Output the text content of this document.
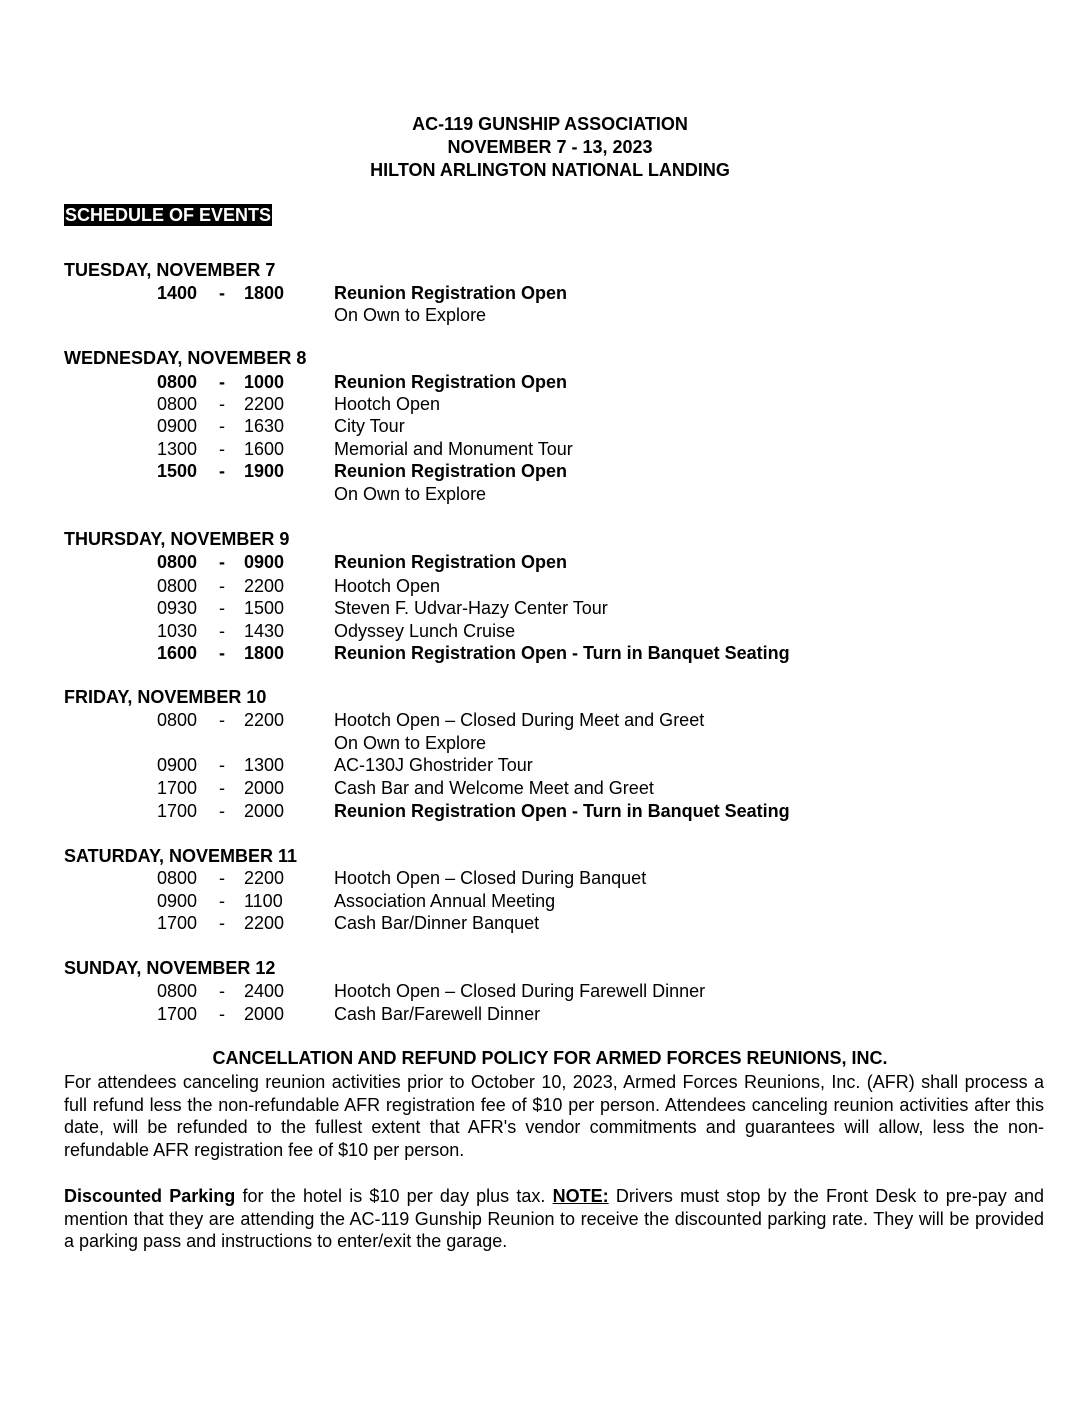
AC-119 GUNSHIP ASSOCIATION
NOVEMBER 7 - 13, 2023
HILTON ARLINGTON NATIONAL LANDING
SCHEDULE OF EVENTS
TUESDAY, NOVEMBER 7
1400 - 1800	Reunion Registration Open
On Own to Explore
WEDNESDAY, NOVEMBER 8
0800 - 1000	Reunion Registration Open
0800 - 2200	Hootch Open
0900 - 1630	City Tour
1300 - 1600	Memorial and Monument Tour
1500 - 1900	Reunion Registration Open
On Own to Explore
THURSDAY, NOVEMBER 9
0800 - 0900	Reunion Registration Open
0800 - 2200	Hootch Open
0930 - 1500	Steven F. Udvar-Hazy Center Tour
1030 - 1430	Odyssey Lunch Cruise
1600 - 1800	Reunion Registration Open - Turn in Banquet Seating
FRIDAY, NOVEMBER 10
0800 - 2200	Hootch Open – Closed During Meet and Greet
On Own to Explore
0900 - 1300	AC-130J Ghostrider Tour
1700 - 2000	Cash Bar and Welcome Meet and Greet
1700 - 2000	Reunion Registration Open - Turn in Banquet Seating
SATURDAY, NOVEMBER 11
0800 - 2200	Hootch Open – Closed During Banquet
0900 - 1100	Association Annual Meeting
1700 - 2200	Cash Bar/Dinner Banquet
SUNDAY, NOVEMBER 12
0800 - 2400	Hootch Open – Closed During Farewell Dinner
1700 - 2000	Cash Bar/Farewell Dinner
CANCELLATION AND REFUND POLICY FOR ARMED FORCES REUNIONS, INC.
For attendees canceling reunion activities prior to October 10, 2023, Armed Forces Reunions, Inc. (AFR) shall process a full refund less the non-refundable AFR registration fee of $10 per person. Attendees canceling reunion activities after this date, will be refunded to the fullest extent that AFR's vendor commitments and guarantees will allow, less the non-refundable AFR registration fee of $10 per person.
Discounted Parking for the hotel is $10 per day plus tax. NOTE: Drivers must stop by the Front Desk to pre-pay and mention that they are attending the AC-119 Gunship Reunion to receive the discounted parking rate. They will be provided a parking pass and instructions to enter/exit the garage.
